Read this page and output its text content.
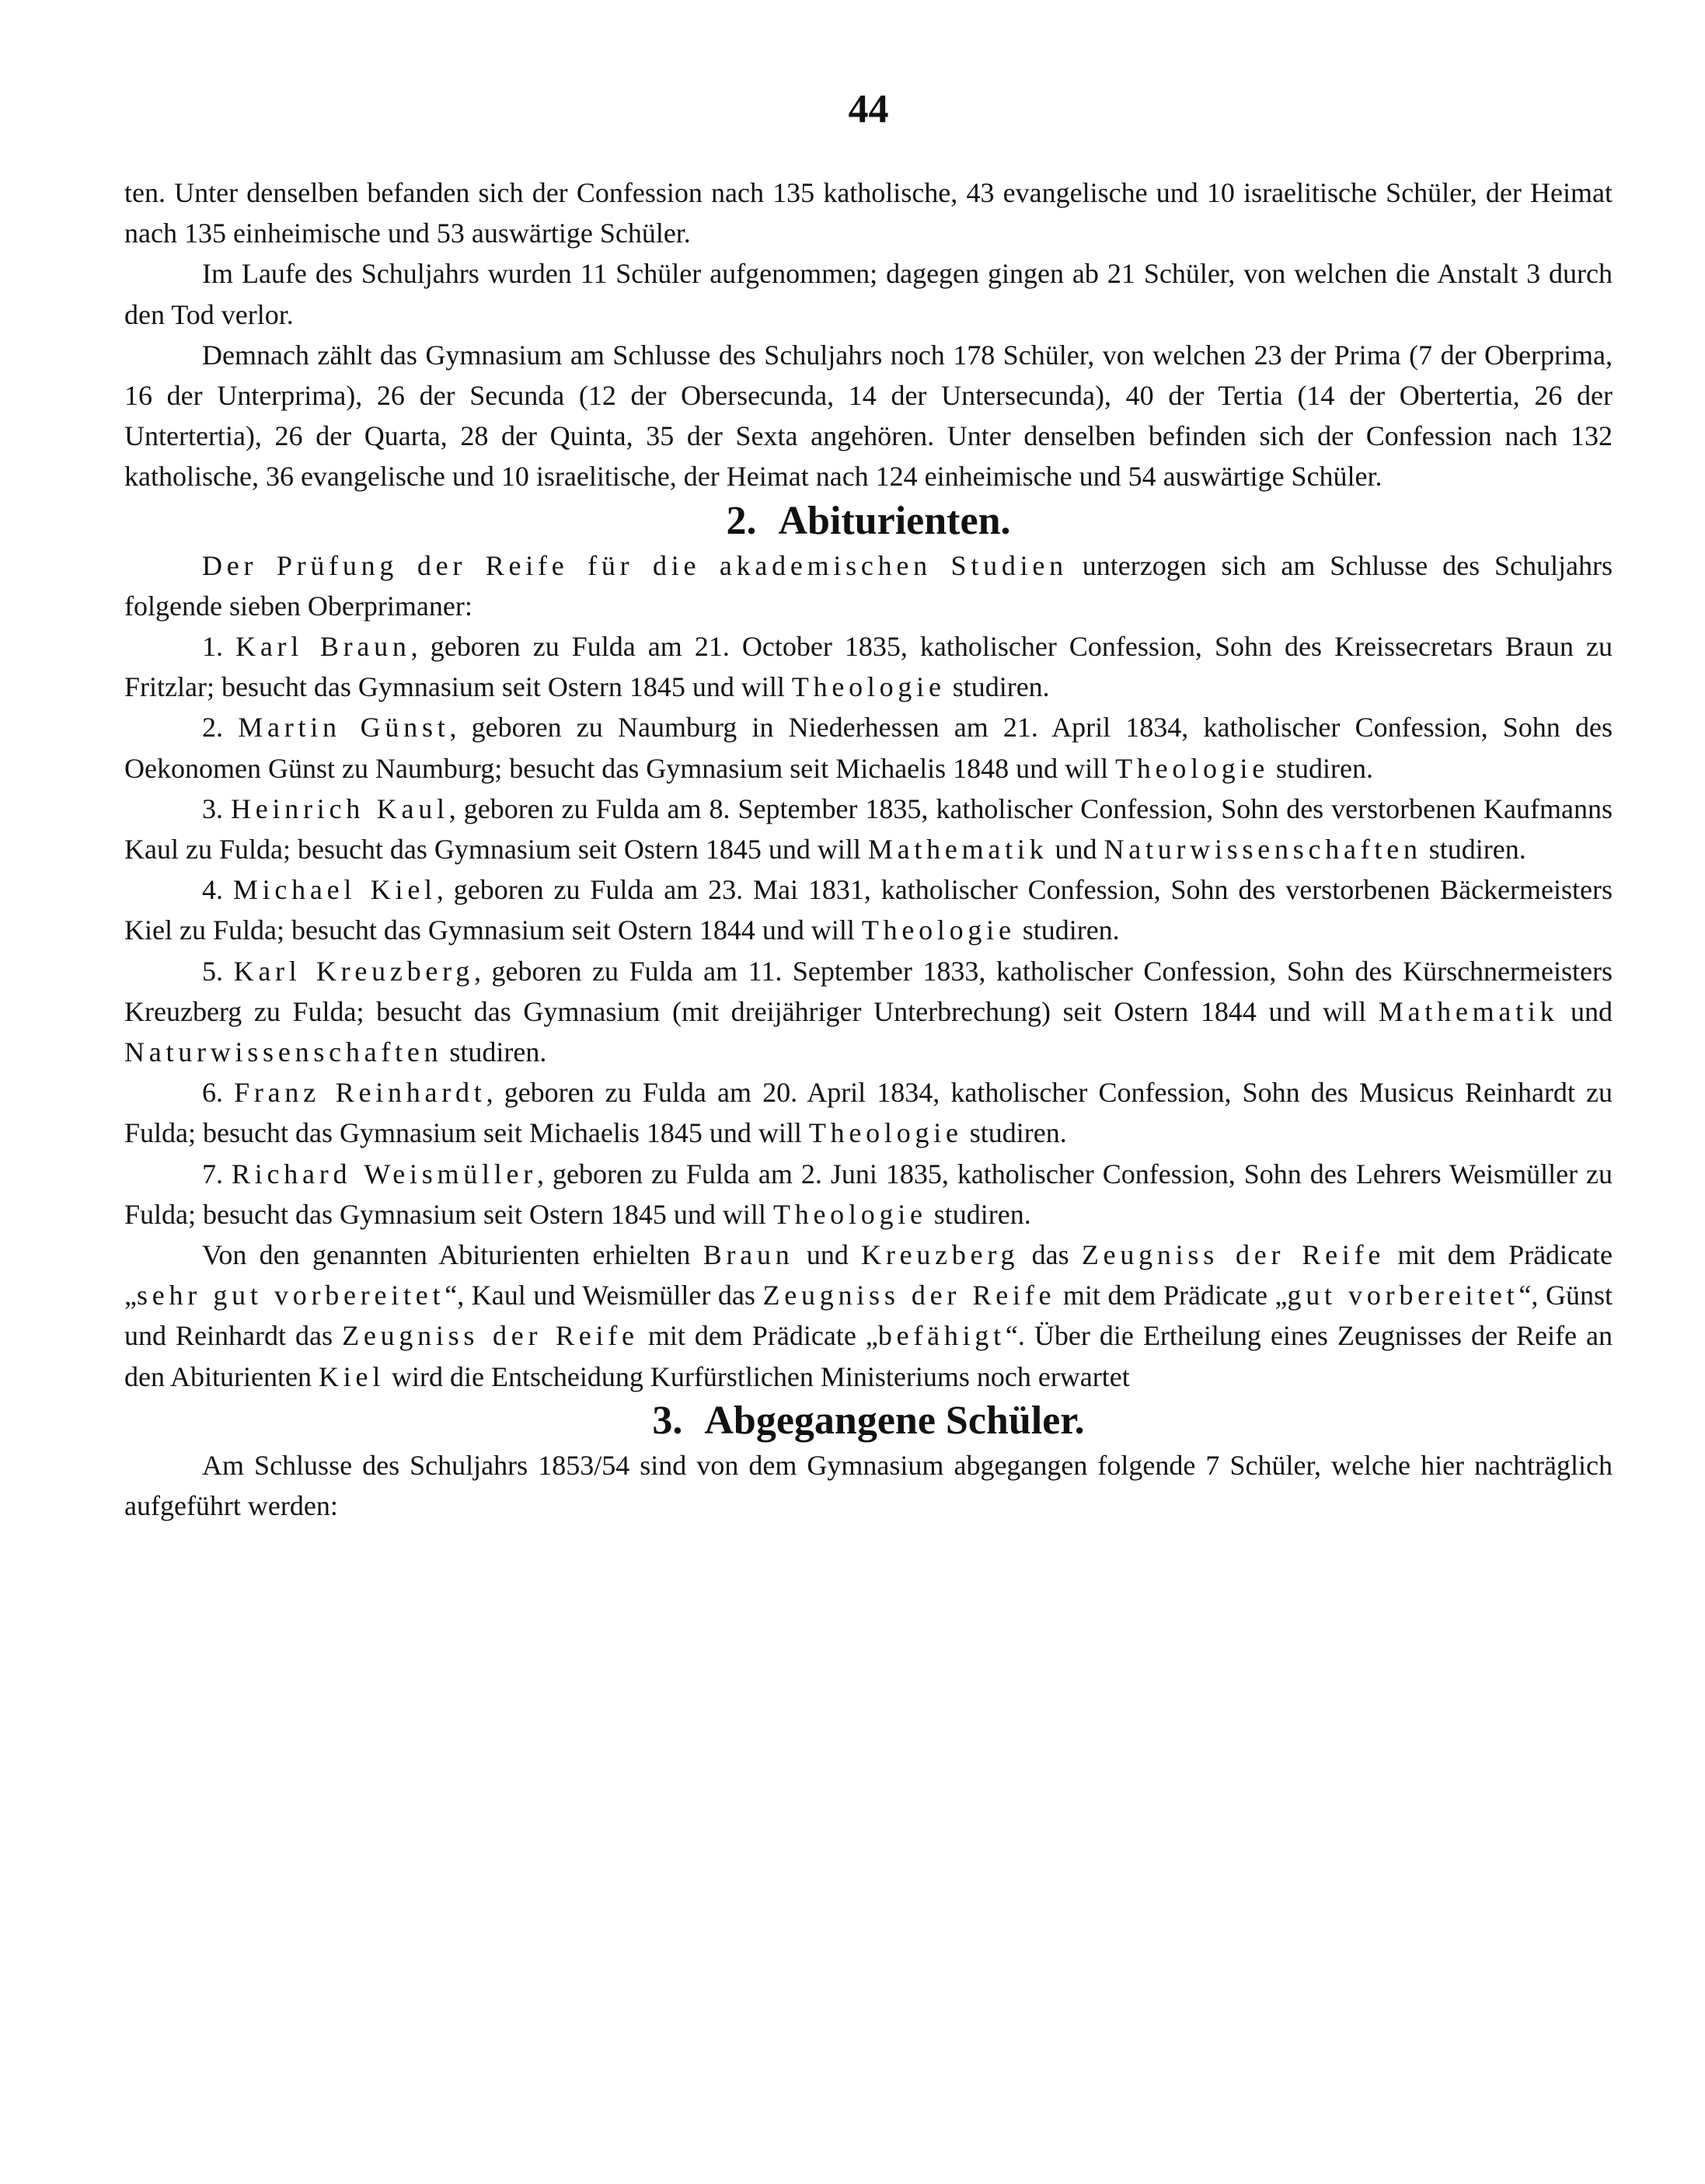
44

ten. Unter denselben befanden sich der Confession nach 135 katholische, 43 evangelische und 10 israelitische Schüler, der Heimat nach 135 einheimische und 53 auswärtige Schüler.

Im Laufe des Schuljahrs wurden 11 Schüler aufgenommen; dagegen gingen ab 21 Schüler, von welchen die Anstalt 3 durch den Tod verlor.

Demnach zählt das Gymnasium am Schlusse des Schuljahrs noch 178 Schüler, von welchen 23 der Prima (7 der Oberprima, 16 der Unterprima), 26 der Secunda (12 der Obersecunda, 14 der Untersecunda), 40 der Tertia (14 der Obertertia, 26 der Untertertia), 26 der Quarta, 28 der Quinta, 35 der Sexta angehören. Unter denselben befinden sich der Confession nach 132 katholische, 36 evangelische und 10 israelitische, der Heimat nach 124 einheimische und 54 auswärtige Schüler.

2. Abiturienten.

Der Prüfung der Reife für die akademischen Studien unterzogen sich am Schlusse des Schuljahrs folgende sieben Oberprimaner:

1. Karl Braun, geboren zu Fulda am 21. October 1835, katholischer Confession, Sohn des Kreissecretars Braun zu Fritzlar; besucht das Gymnasium seit Ostern 1845 und will Theologie studiren.

2. Martin Günst, geboren zu Naumburg in Niederhessen am 21. April 1834, katholischer Confession, Sohn des Oekonomen Günst zu Naumburg; besucht das Gymnasium seit Michaelis 1848 und will Theologie studiren.

3. Heinrich Kaul, geboren zu Fulda am 8. September 1835, katholischer Confession, Sohn des verstorbenen Kaufmanns Kaul zu Fulda; besucht das Gymnasium seit Ostern 1845 und will Mathematik und Naturwissenschaften studiren.

4. Michael Kiel, geboren zu Fulda am 23. Mai 1831, katholischer Confession, Sohn des verstorbenen Bäckermeisters Kiel zu Fulda; besucht das Gymnasium seit Ostern 1844 und will Theologie studiren.

5. Karl Kreuzberg, geboren zu Fulda am 11. September 1833, katholischer Confession, Sohn des Kürschnermeisters Kreuzberg zu Fulda; besucht das Gymnasium (mit dreijähriger Unterbrechung) seit Ostern 1844 und will Mathematik und Naturwissenschaften studiren.

6. Franz Reinhardt, geboren zu Fulda am 20. April 1834, katholischer Confession, Sohn des Musicus Reinhardt zu Fulda; besucht das Gymnasium seit Michaelis 1845 und will Theologie studiren.

7. Richard Weismüller, geboren zu Fulda am 2. Juni 1835, katholischer Confession, Sohn des Lehrers Weismüller zu Fulda; besucht das Gymnasium seit Ostern 1845 und will Theologie studiren.

Von den genannten Abiturienten erhielten Braun und Kreuzberg das Zeugniss der Reife mit dem Prädicate „sehr gut vorbereitet“, Kaul und Weismüller das Zeugniss der Reife mit dem Prädicate „gut vorbereitet“, Günst und Reinhardt das Zeugniss der Reife mit dem Prädicate „befähigt“. Über die Ertheilung eines Zeugnisses der Reife an den Abiturienten Kiel wird die Entscheidung Kurfürstlichen Ministeriums noch erwartet

3. Abgegangene Schüler.

Am Schlusse des Schuljahrs 1853/54 sind von dem Gymnasium abgegangen folgende 7 Schüler, welche hier nachträglich aufgeführt werden:
